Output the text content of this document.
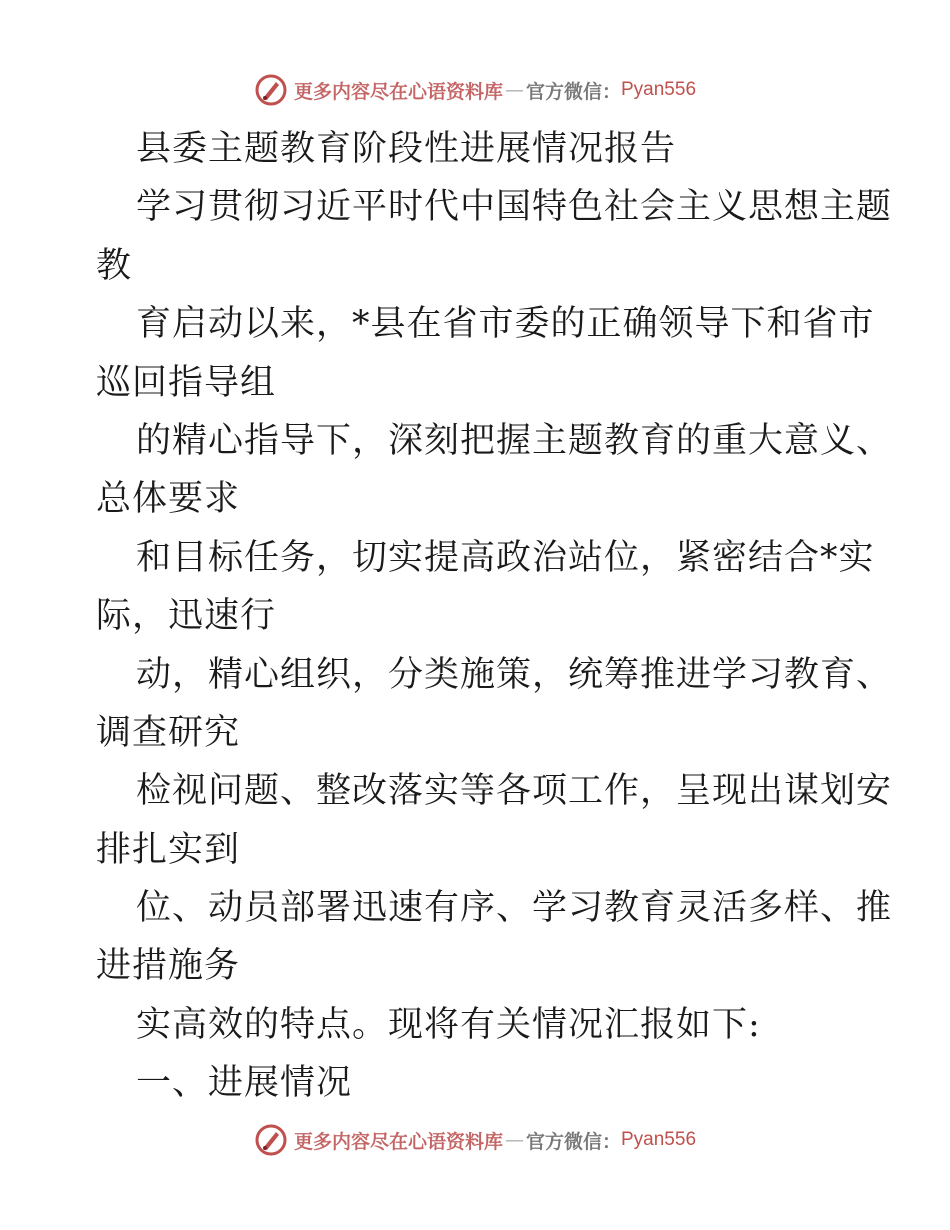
更多内容尽在心语资料库 — 官方微信： Pyan556
县委主题教育阶段性进展情况报告
学习贯彻习近平时代中国特色社会主义思想主题
教
育启动以来，*县在省市委的正确领导下和省市
巡回指导组
的精心指导下，深刻把握主题教育的重大意义、
总体要求
和目标任务，切实提高政治站位，紧密结合*实
际，迅速行
动，精心组织，分类施策，统筹推进学习教育、
调查研究
检视问题、整改落实等各项工作，呈现出谋划安
排扎实到
位、动员部署迅速有序、学习教育灵活多样、推
进措施务
实高效的特点。现将有关情况汇报如下:
一、进展情况
更多内容尽在心语资料库 — 官方微信： Pyan556
